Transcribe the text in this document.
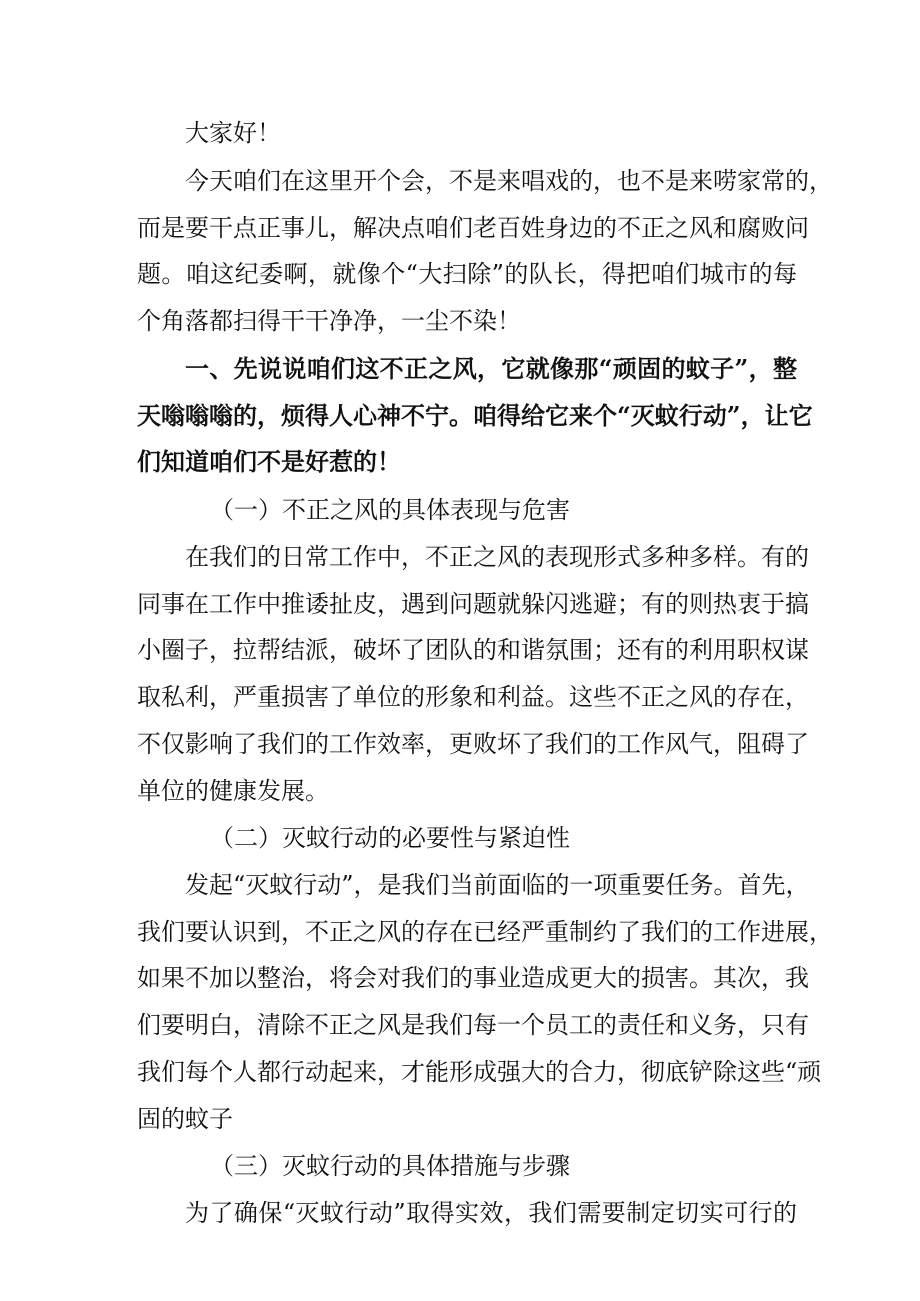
大家好！
今天咱们在这里开个会，不是来唱戏的，也不是来唠家常的，
而是要干点正事儿，解决点咱们老百姓身边的不正之风和腐败问
题。咱这纪委啊，就像个“大扫除”的队长，得把咱们城市的每
个角落都扫得干干净净，一尘不染！
一、先说说咱们这不正之风，它就像那“顽固的蚊子”，整
天嗡嗡嗡的，烦得人心神不宁。咱得给它来个“灭蚊行动”，让它
们知道咱们不是好惹的！
（一）不正之风的具体表现与危害
在我们的日常工作中，不正之风的表现形式多种多样。有的
同事在工作中推诿扯皮，遇到问题就躲闪逃避；有的则热衷于搞
小圈子，拉帮结派，破坏了团队的和谐氛围；还有的利用职权谋
取私利，严重损害了单位的形象和利益。这些不正之风的存在，
不仅影响了我们的工作效率，更败坏了我们的工作风气，阻碍了
单位的健康发展。
（二）灭蚊行动的必要性与紧迫性
发起“灭蚊行动”，是我们当前面临的一项重要任务。首先，
我们要认识到，不正之风的存在已经严重制约了我们的工作进展，
如果不加以整治，将会对我们的事业造成更大的损害。其次，我
们要明白，清除不正之风是我们每一个员工的责任和义务，只有
我们每个人都行动起来，才能形成强大的合力，彻底铲除这些“顽
固的蚊子
（三）灭蚊行动的具体措施与步骤
为了确保“灭蚊行动”取得实效，我们需要制定切实可行的
